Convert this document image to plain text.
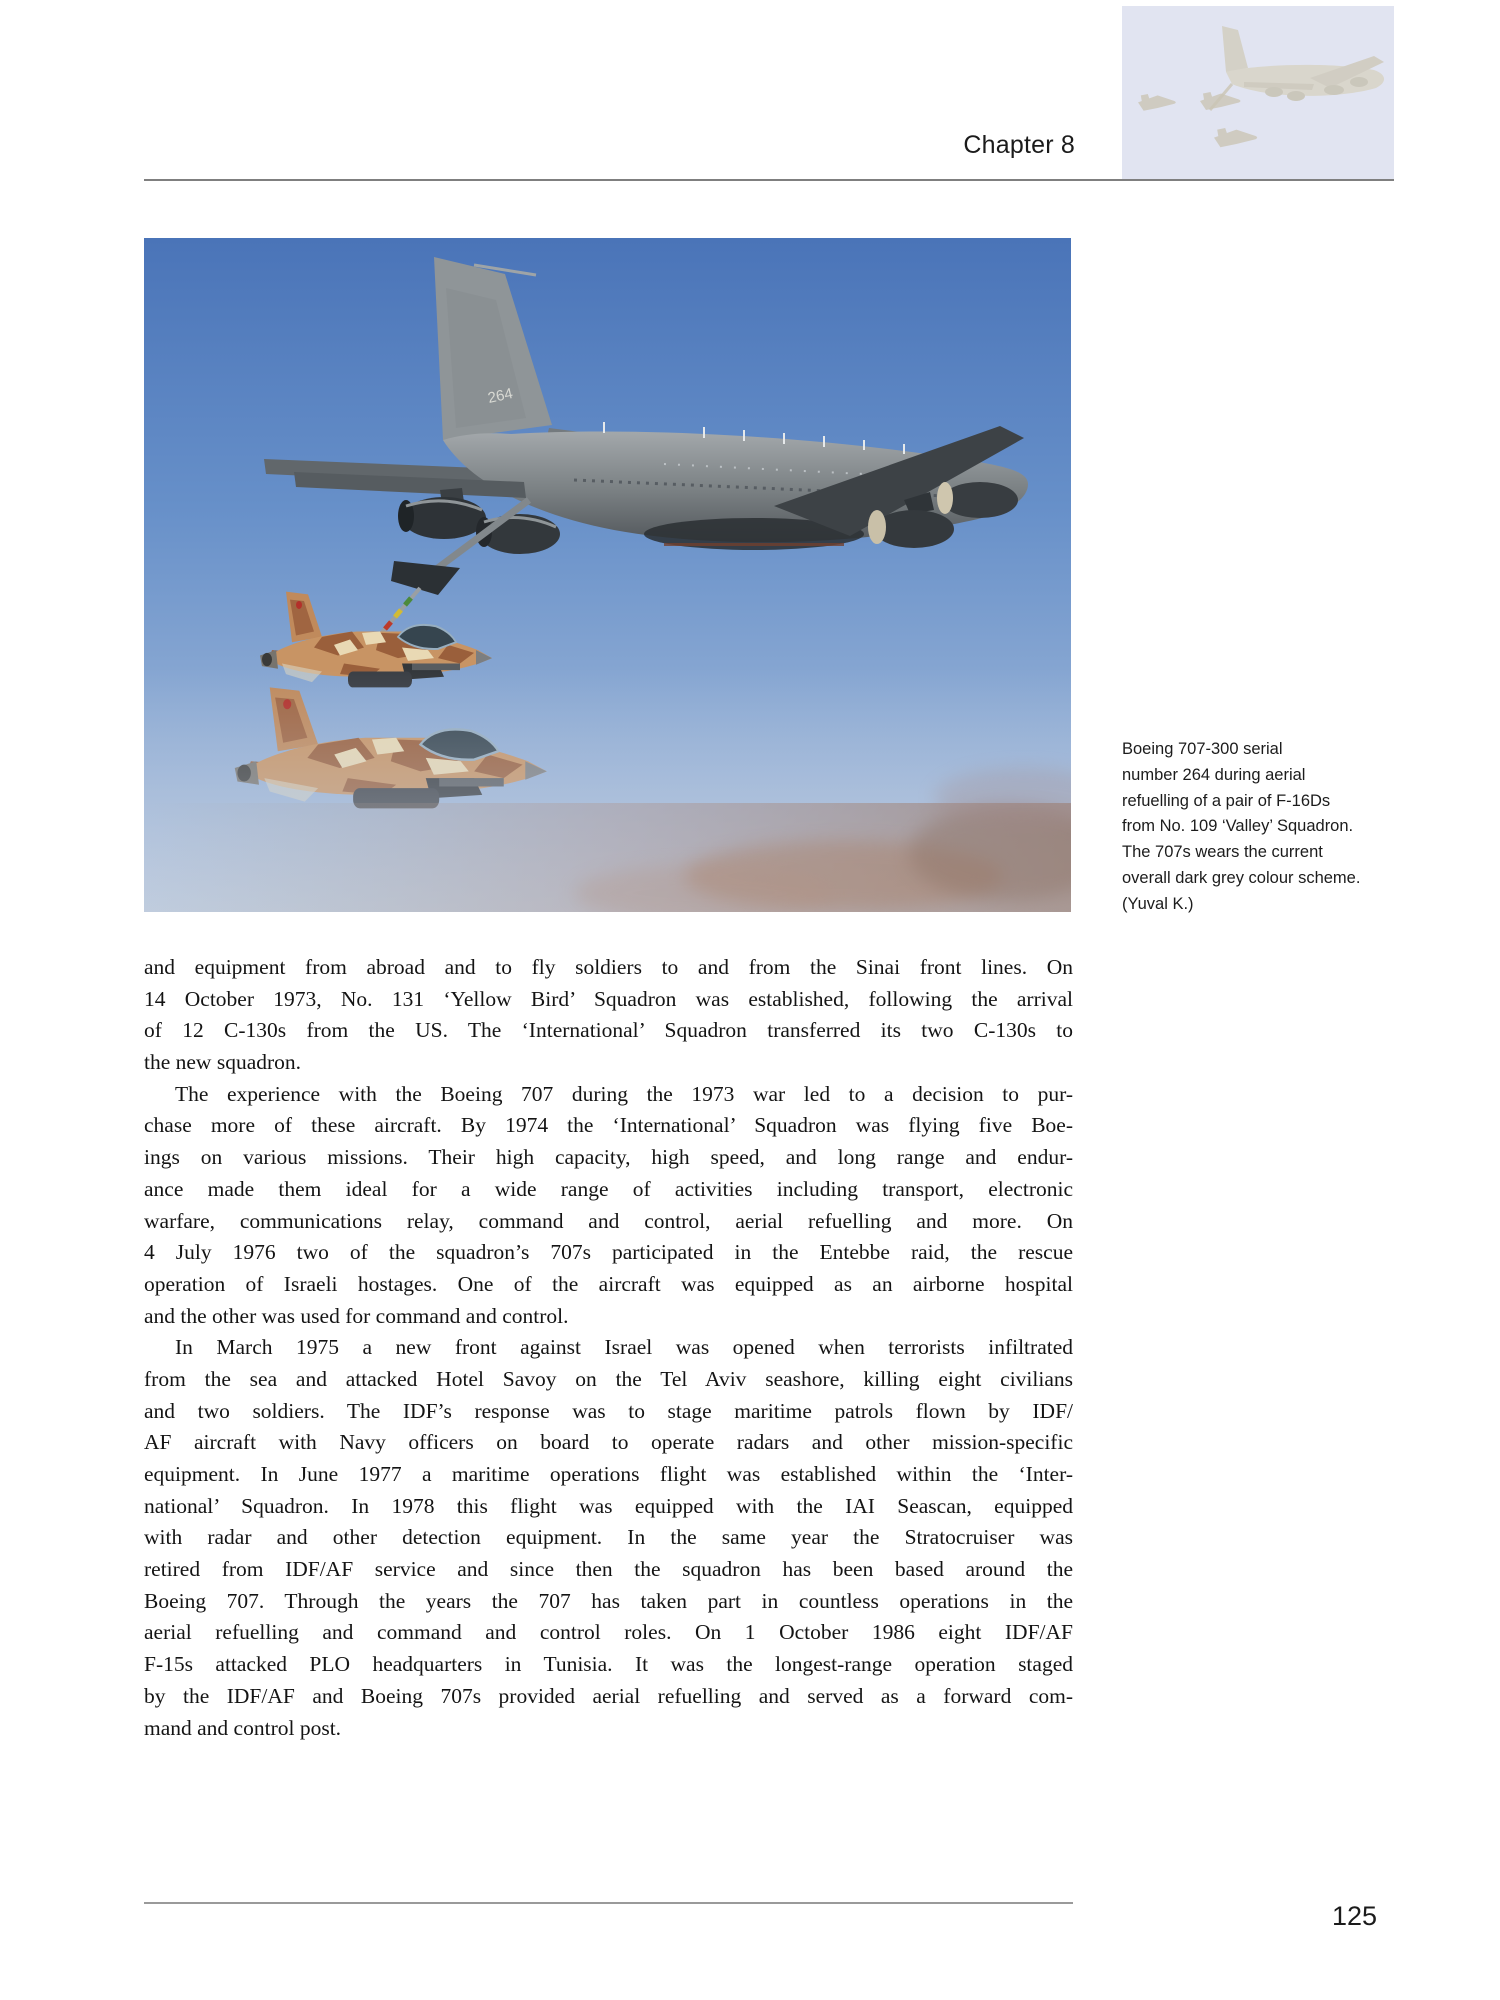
Chapter 8
264
Boeing 707-300 serial
number 264 during aerial
refuelling of a pair of F-16Ds
from No. 109 ‘Valley’ Squadron.
The 707s wears the current
overall dark grey colour scheme.
(Yuval K.)
and equipment from abroad and to fly soldiers to and from the Sinai front lines. On
14 October 1973, No. 131 ‘Yellow Bird’ Squadron was established, following the arrival
of 12 C-130s from the US. The ‘International’ Squadron transferred its two C-130s to
the new squadron.
The experience with the Boeing 707 during the 1973 war led to a decision to pur-
chase more of these aircraft. By 1974 the ‘International’ Squadron was flying five Boe-
ings on various missions. Their high capacity, high speed, and long range and endur-
ance made them ideal for a wide range of activities including transport, electronic
warfare, communications relay, command and control, aerial refuelling and more. On
4 July 1976 two of the squadron’s 707s participated in the Entebbe raid, the rescue
operation of Israeli hostages. One of the aircraft was equipped as an airborne hospital
and the other was used for command and control.
In March 1975 a new front against Israel was opened when terrorists infiltrated
from the sea and attacked Hotel Savoy on the Tel Aviv seashore, killing eight civilians
and two soldiers. The IDF’s response was to stage maritime patrols flown by IDF/
AF aircraft with Navy officers on board to operate radars and other mission-specific
equipment. In June 1977 a maritime operations flight was established within the ‘Inter-
national’ Squadron. In 1978 this flight was equipped with the IAI Seascan, equipped
with radar and other detection equipment. In the same year the Stratocruiser was
retired from IDF/AF service and since then the squadron has been based around the
Boeing 707. Through the years the 707 has taken part in countless operations in the
aerial refuelling and command and control roles. On 1 October 1986 eight IDF/AF
F-15s attacked PLO headquarters in Tunisia. It was the longest-range operation staged
by the IDF/AF and Boeing 707s provided aerial refuelling and served as a forward com-
mand and control post.
125
